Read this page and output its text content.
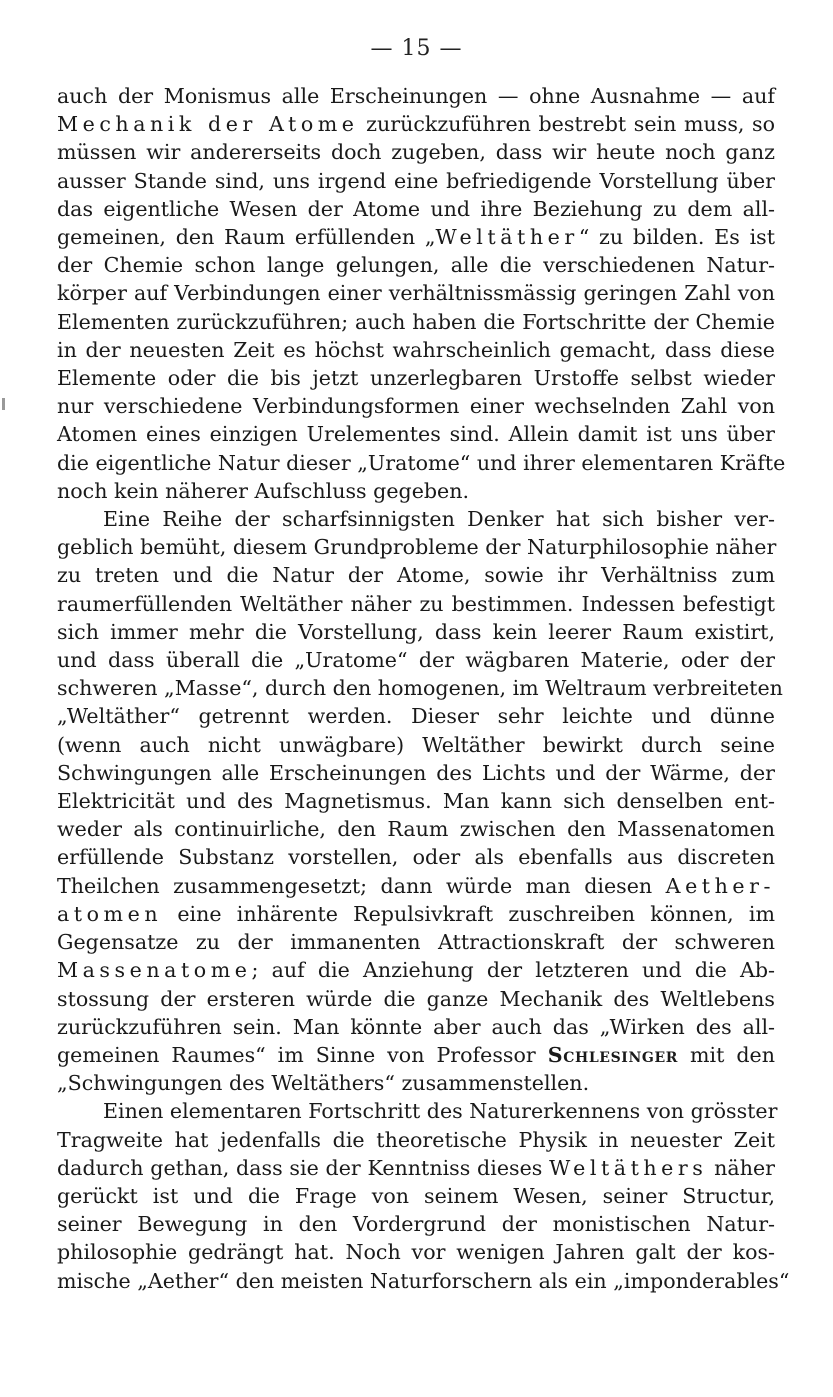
— 15 —

auch der Monismus alle Erscheinungen — ohne Ausnahme — auf
Mechanik der Atome zurückzuführen bestrebt sein muss, so
müssen wir andererseits doch zugeben, dass wir heute noch ganz
ausser Stande sind, uns irgend eine befriedigende Vorstellung über
das eigentliche Wesen der Atome und ihre Beziehung zu dem all-
gemeinen, den Raum erfüllenden „Weltäther“ zu bilden. Es ist
der Chemie schon lange gelungen, alle die verschiedenen Natur-
körper auf Verbindungen einer verhältnissmässig geringen Zahl von
Elementen zurückzuführen; auch haben die Fortschritte der Chemie
in der neuesten Zeit es höchst wahrscheinlich gemacht, dass diese
Elemente oder die bis jetzt unzerlegbaren Urstoffe selbst wieder
nur verschiedene Verbindungsformen einer wechselnden Zahl von
Atomen eines einzigen Urelementes sind. Allein damit ist uns über
die eigentliche Natur dieser „Uratome“ und ihrer elementaren Kräfte
noch kein näherer Aufschluss gegeben.

Eine Reihe der scharfsinnigsten Denker hat sich bisher ver-
geblich bemüht, diesem Grundprobleme der Naturphilosophie näher
zu treten und die Natur der Atome, sowie ihr Verhältniss zum
raumerfüllenden Weltäther näher zu bestimmen. Indessen befestigt
sich immer mehr die Vorstellung, dass kein leerer Raum existirt,
und dass überall die „Uratome“ der wägbaren Materie, oder der
schweren „Masse“, durch den homogenen, im Weltraum verbreiteten
„Weltäther“ getrennt werden. Dieser sehr leichte und dünne
(wenn auch nicht unwägbare) Weltäther bewirkt durch seine
Schwingungen alle Erscheinungen des Lichts und der Wärme, der
Elektricität und des Magnetismus. Man kann sich denselben ent-
weder als continuirliche, den Raum zwischen den Massenatomen
erfüllende Substanz vorstellen, oder als ebenfalls aus discreten
Theilchen zusammengesetzt; dann würde man diesen Aether-
atomen eine inhärente Repulsivkraft zuschreiben können, im
Gegensatze zu der immanenten Attractionskraft der schweren
Massenatome; auf die Anziehung der letzteren und die Ab-
stossung der ersteren würde die ganze Mechanik des Weltlebens
zurückzuführen sein. Man könnte aber auch das „Wirken des all-
gemeinen Raumes“ im Sinne von Professor Schlesinger mit den
„Schwingungen des Weltäthers“ zusammenstellen.

Einen elementaren Fortschritt des Naturerkennens von grösster
Tragweite hat jedenfalls die theoretische Physik in neuester Zeit
dadurch gethan, dass sie der Kenntniss dieses Weltäthers näher
gerückt ist und die Frage von seinem Wesen, seiner Structur,
seiner Bewegung in den Vordergrund der monistischen Natur-
philosophie gedrängt hat. Noch vor wenigen Jahren galt der kos-
mische „Aether“ den meisten Naturforschern als ein „imponderables“
